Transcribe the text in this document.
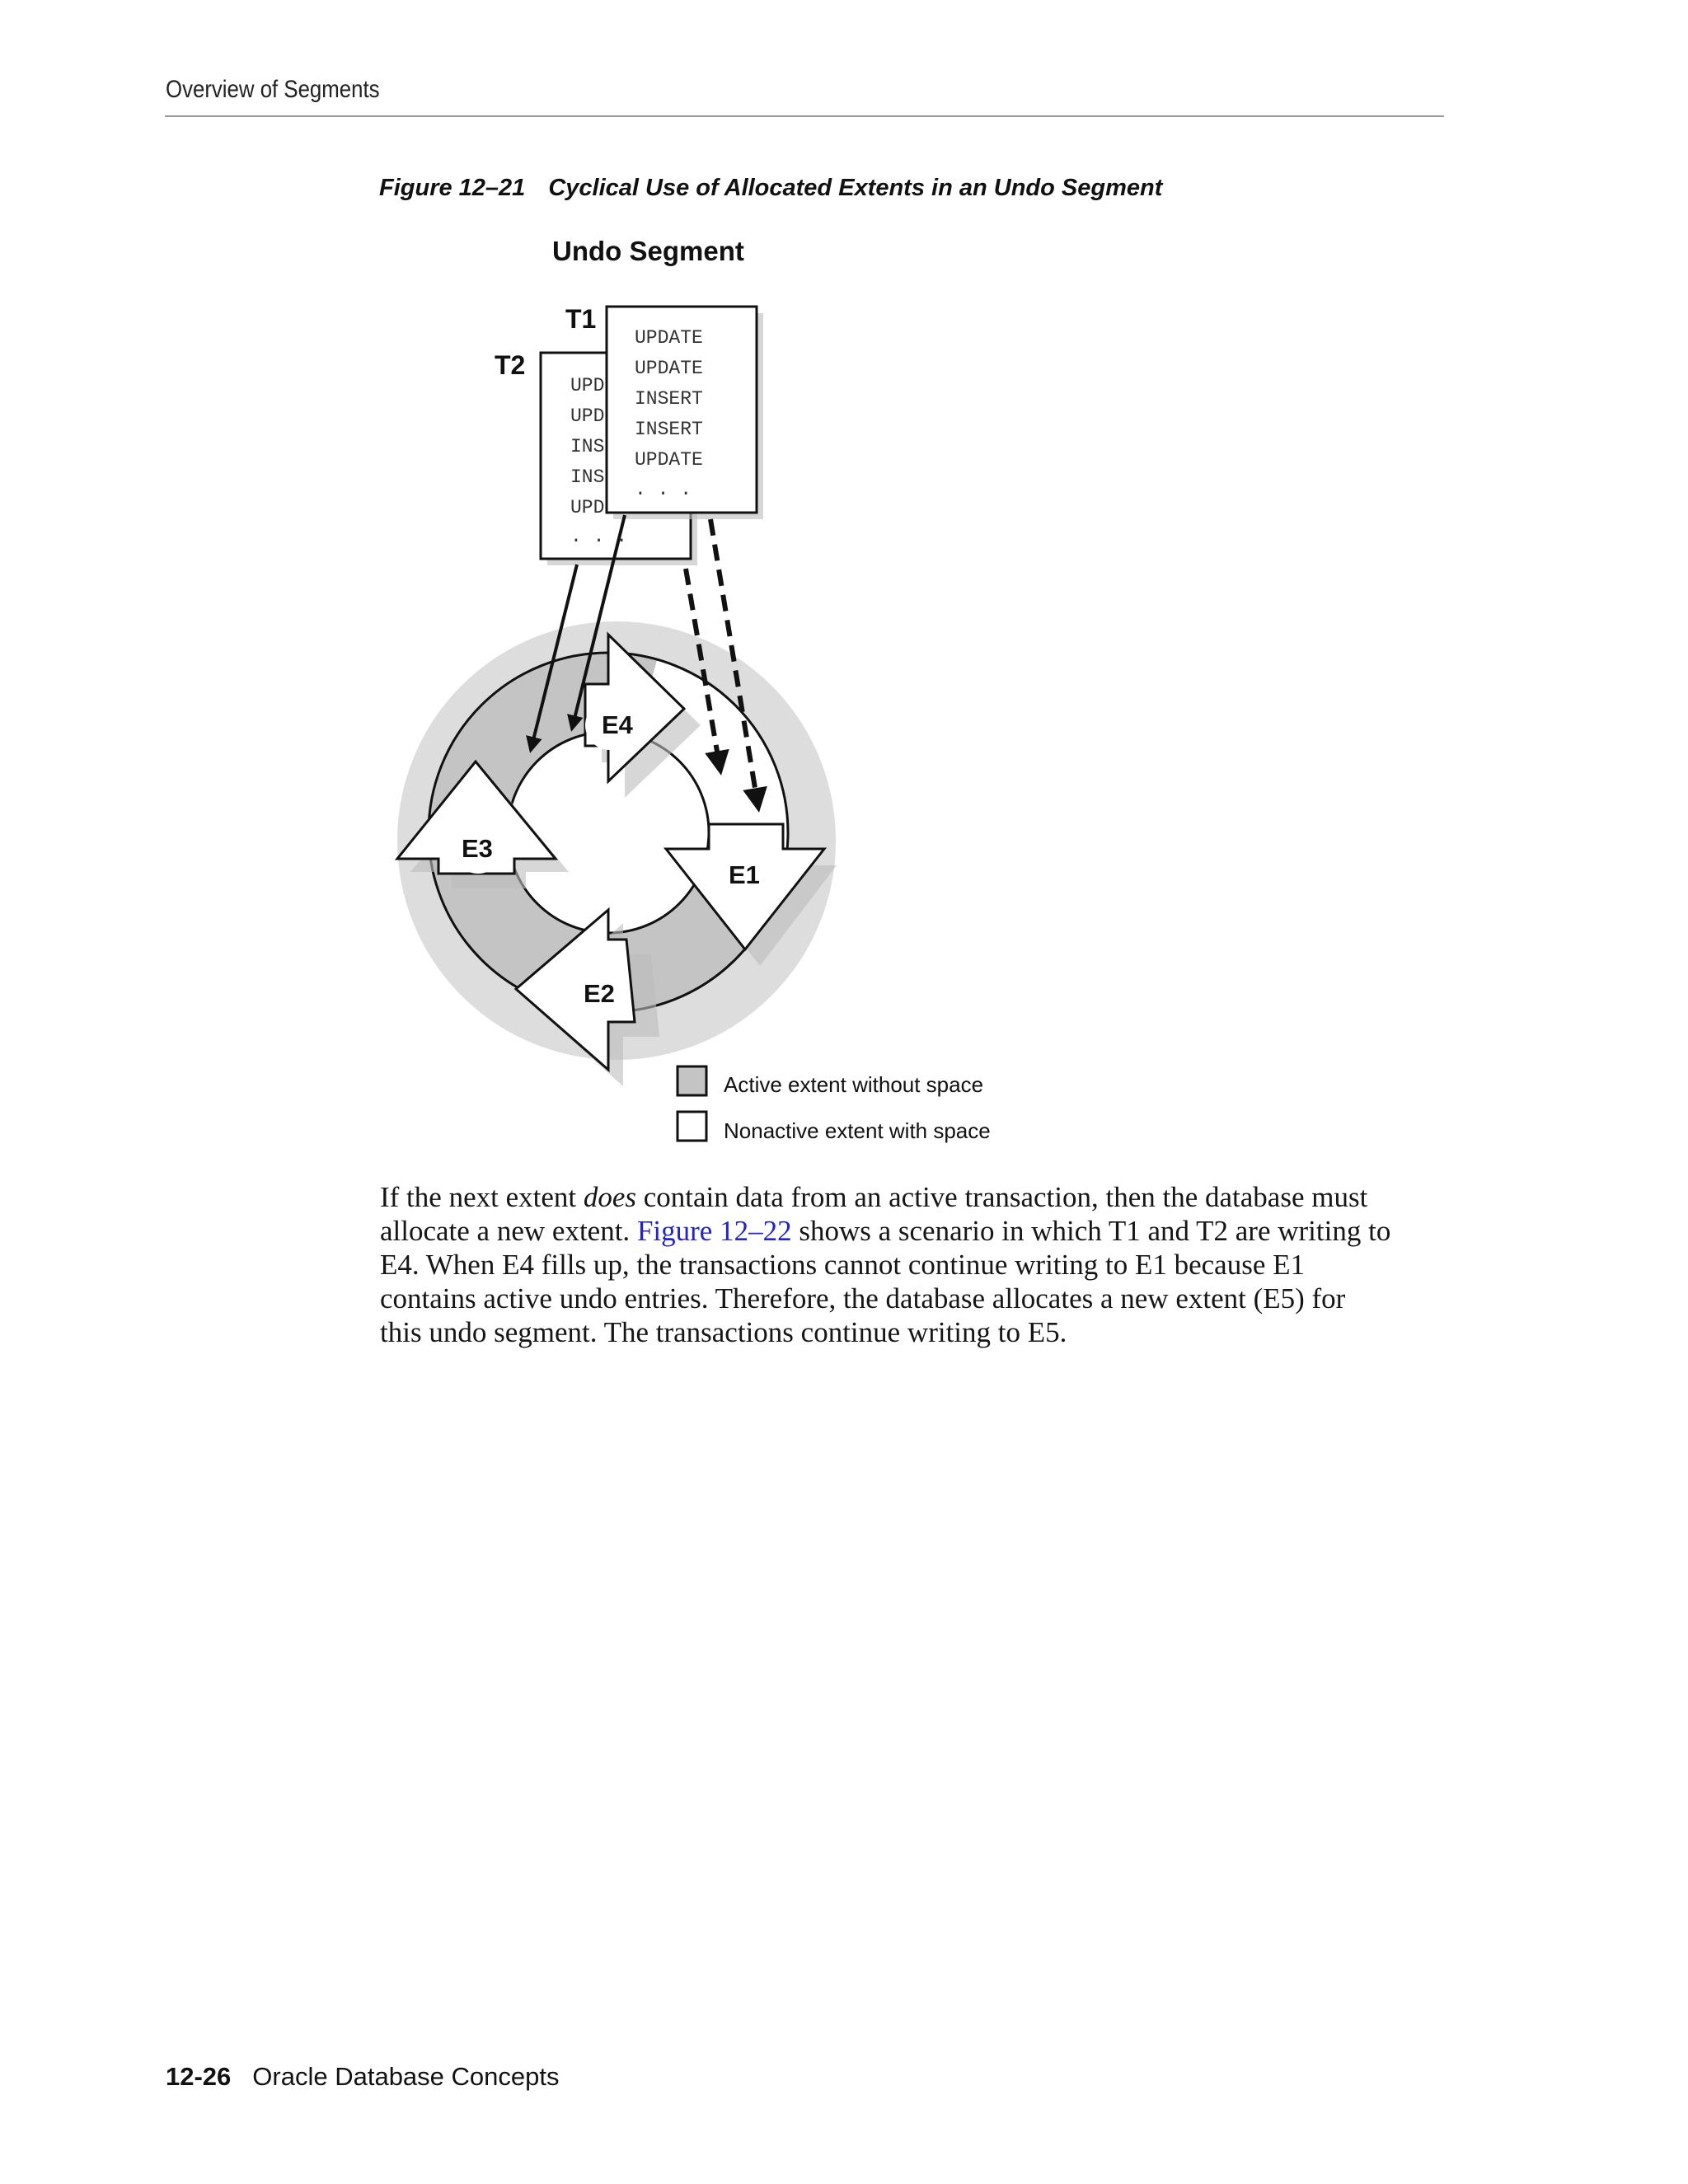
Overview of Segments
Figure 12–21 Cyclical Use of Allocated Extents in an Undo Segment
Undo Segment
T2
UPD
UPD
INS
INS
UPD
. . .
T1
UPDATE
UPDATE
INSERT
INSERT
UPDATE
. . .
E4
E1
E2
E3
Active extent without space
Nonactive extent with space

If the next extent does contain data from an active transaction, then the database must
allocate a new extent. Figure 12–22 shows a scenario in which T1 and T2 are writing to
E4. When E4 fills up, the transactions cannot continue writing to E1 because E1
contains active undo entries. Therefore, the database allocates a new extent (E5) for
this undo segment. The transactions continue writing to E5.

12-26 Oracle Database Concepts
